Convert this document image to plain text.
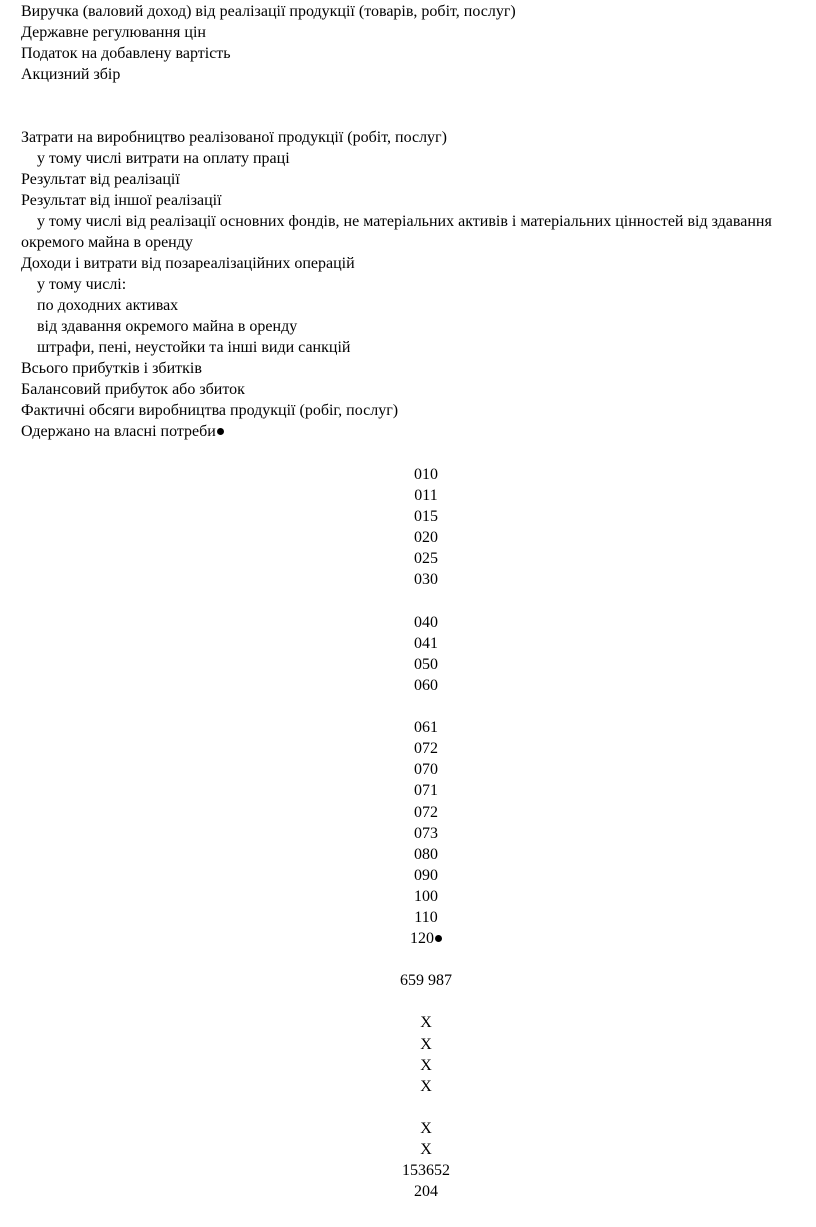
Виручка (валовий доход) від реалізації продукції (товарів, робіт, послуг)
Державне регулювання цін
Податок на добавлену вартість
Акцизний збір
Затрати на виробництво реалізованої продукції (робіт, послуг)
у тому числі витрати на оплату праці
Результат від реалізації
Результат від іншої реалізації
у тому числі від реалізації основних фондів, не матеріальних активів і матеріальних цінностей від здавання окремого майна в оренду
Доходи і витрати від позареалізаційних операцій
у тому числі:
по доходних активах
від здавання окремого майна в оренду
штрафи, пені, неустойки та інші види санкцій
Всього прибутків і збитків
Балансовий прибуток або збиток
Фактичні обсяги виробництва продукції (робіг, послуг)
Одержано на власні потреби
010
011
015
020
025
030
040
041
050
060
061
072
070
071
072
073
080
090
100
110
120
659 987
X
X
X
X
X
X
153652
204
